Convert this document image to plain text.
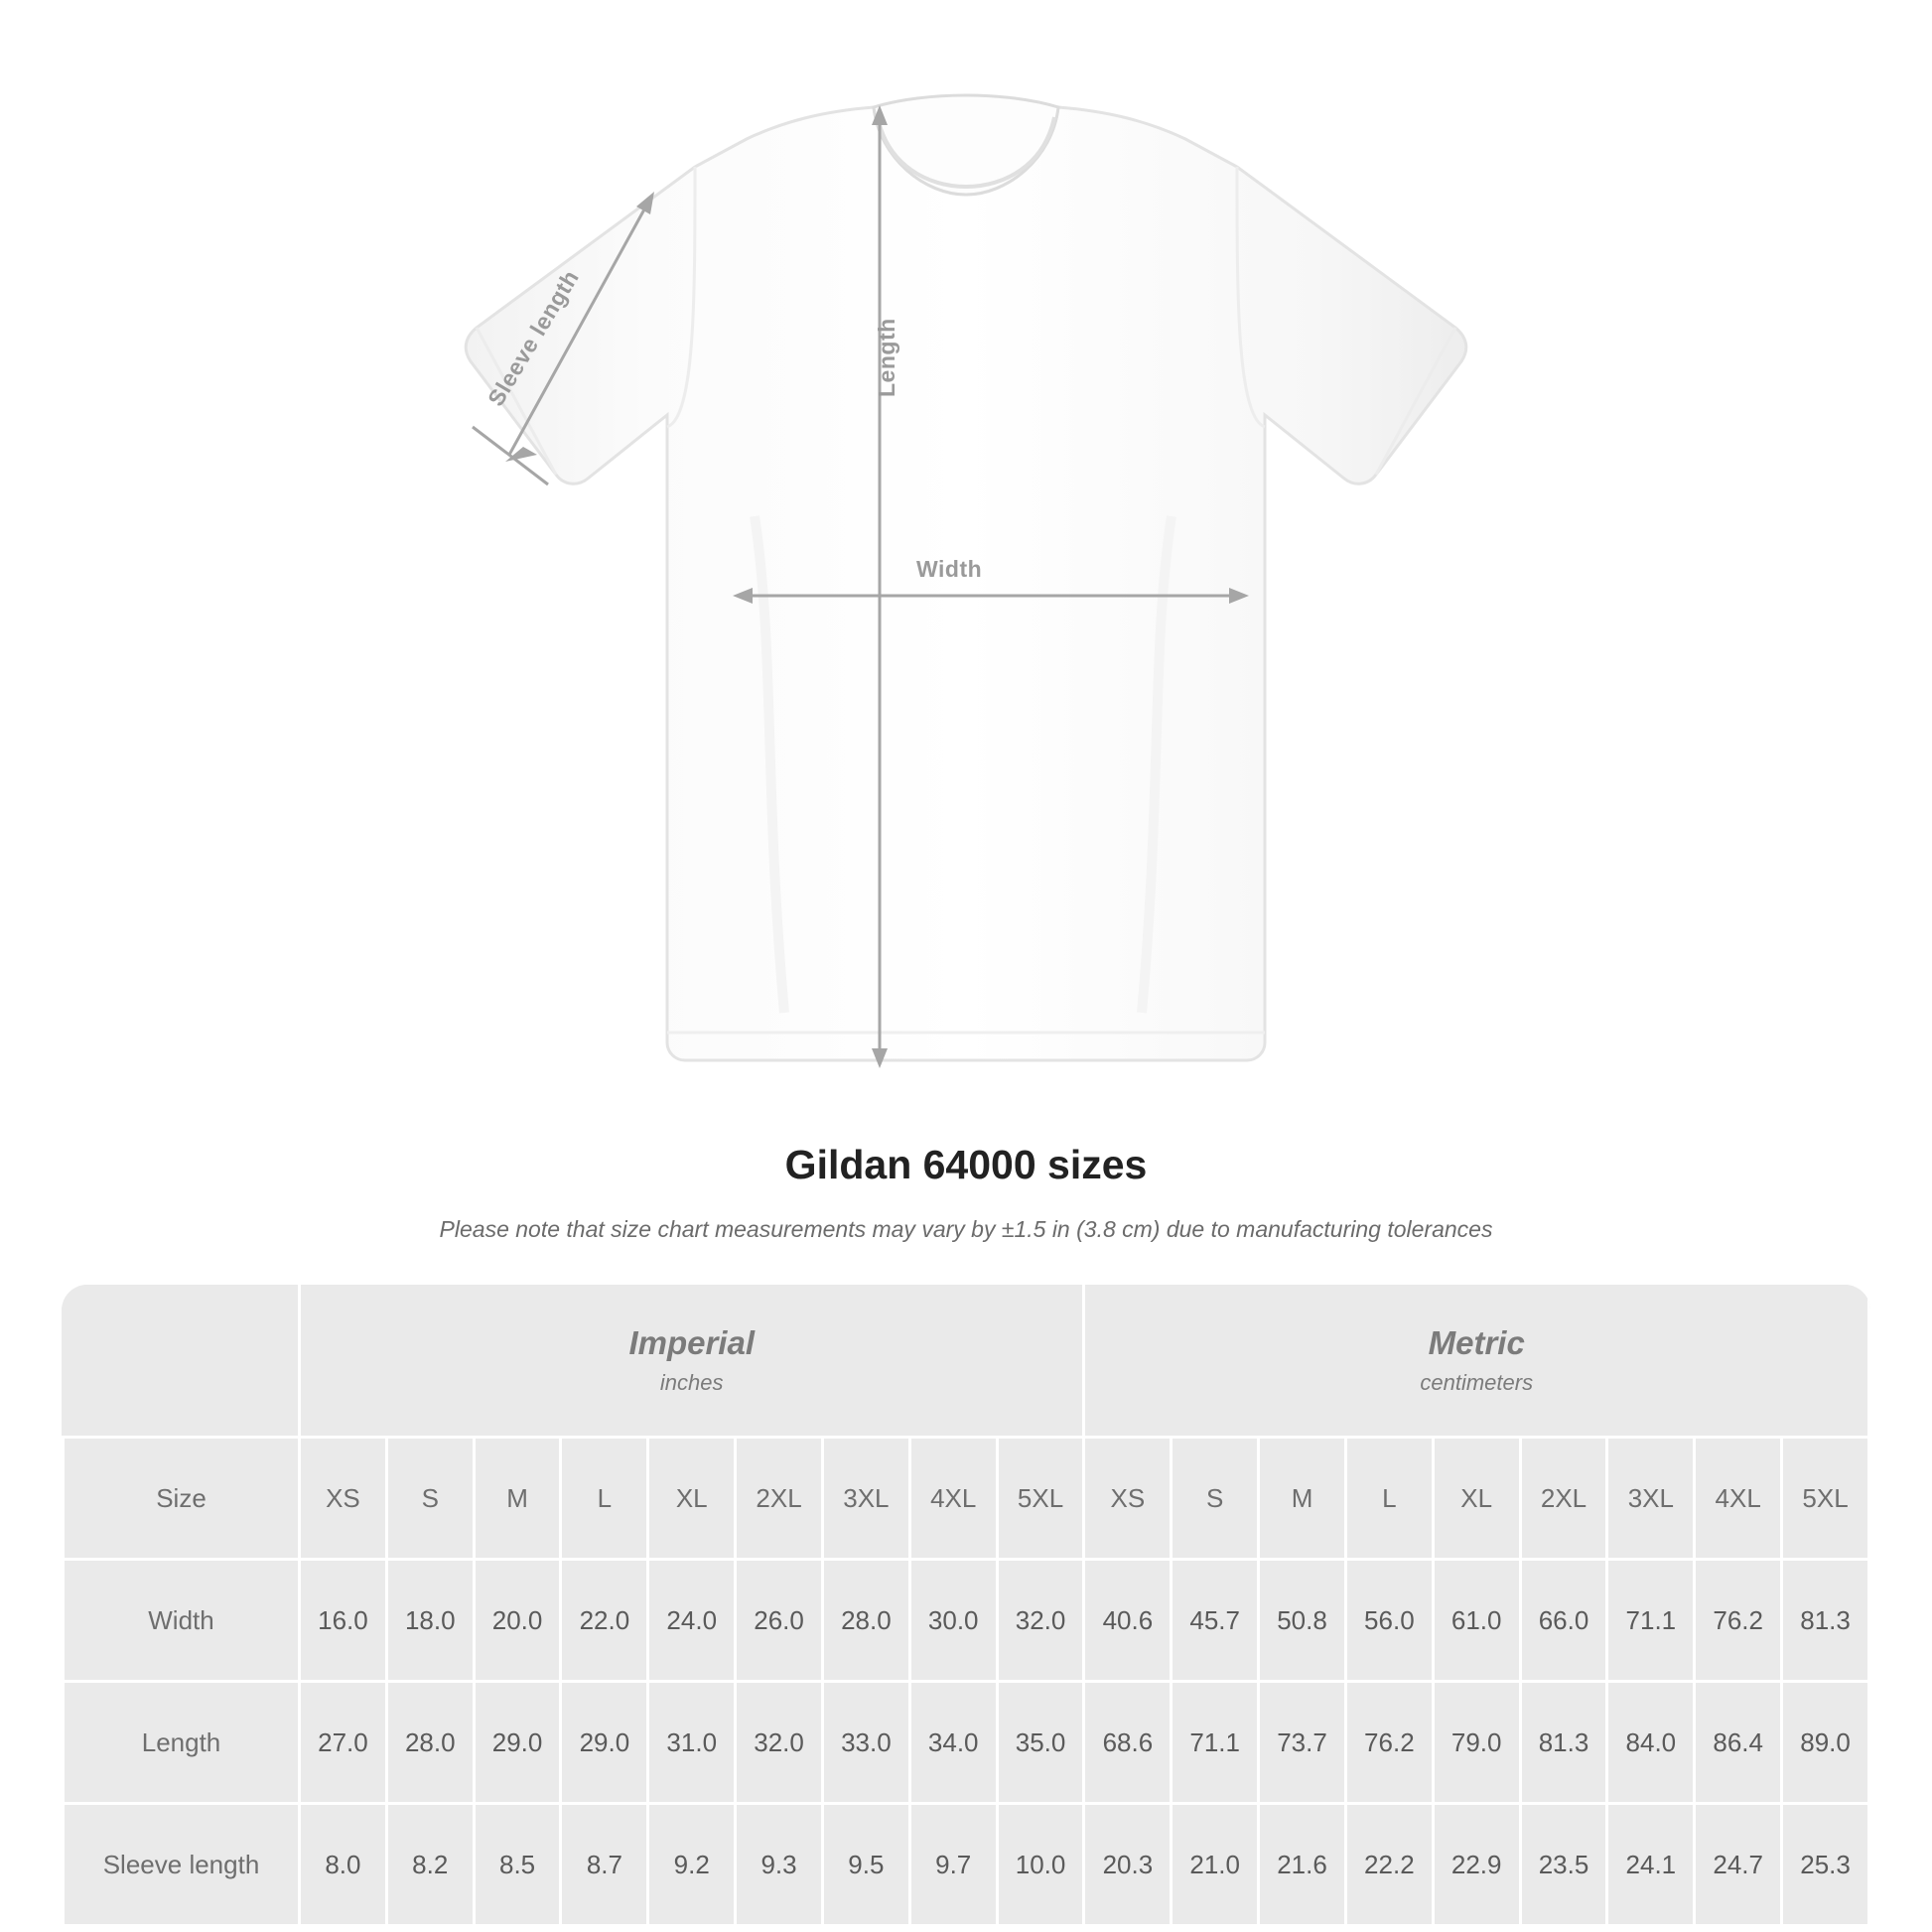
Width
Length
Sleeve length
Gildan 64000 sizes
Please note that size chart measurements may vary by ±1.5 in (3.8 cm) due to manufacturing tolerances

Imperial
inches

Metric
centimeters

Size	XS	S	M	L	XL	2XL	3XL	4XL	5XL	XS	S	M	L	XL	2XL	3XL	4XL	5XL
Width	16.0	18.0	20.0	22.0	24.0	26.0	28.0	30.0	32.0	40.6	45.7	50.8	56.0	61.0	66.0	71.1	76.2	81.3
Length	27.0	28.0	29.0	29.0	31.0	32.0	33.0	34.0	35.0	68.6	71.1	73.7	76.2	79.0	81.3	84.0	86.4	89.0
Sleeve length	8.0	8.2	8.5	8.7	9.2	9.3	9.5	9.7	10.0	20.3	21.0	21.6	22.2	22.9	23.5	24.1	24.7	25.3
